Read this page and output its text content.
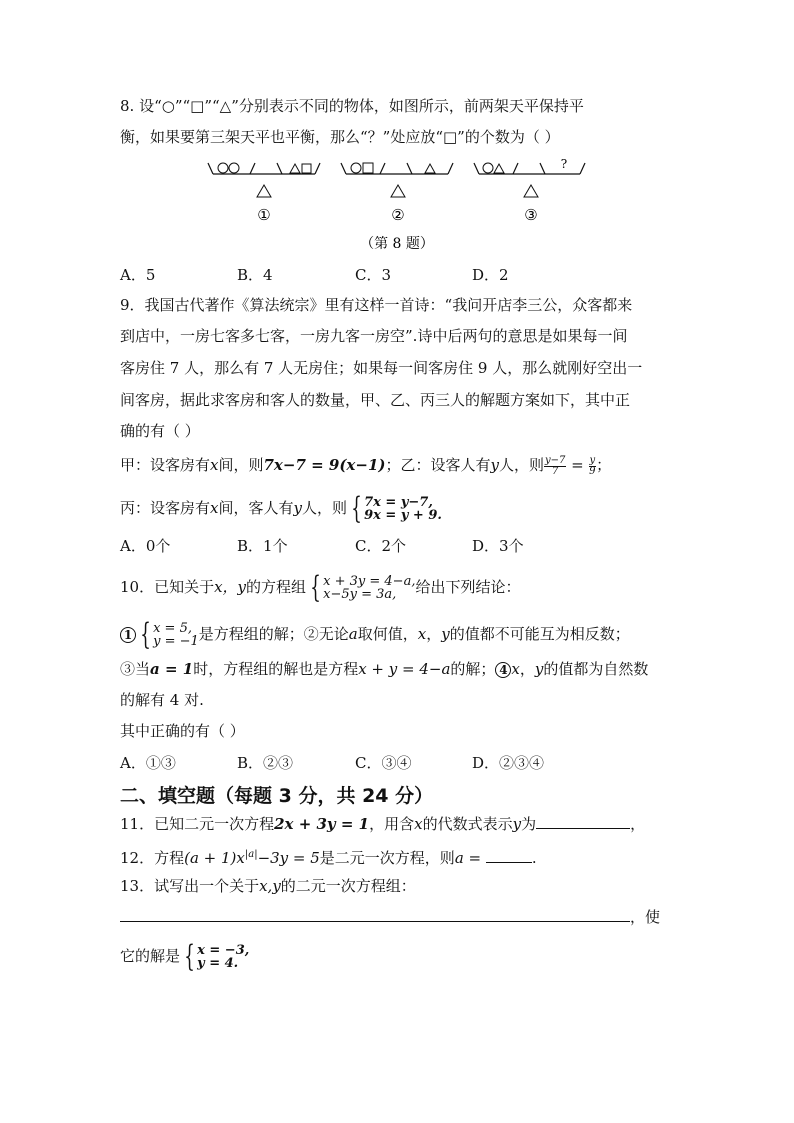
8. 设“○”“□”“△”分别表示不同的物体，如图所示，前两架天平保持平
衡，如果要第三架天平也平衡，那么“？”处应放“□”的个数为（ ）
?
①	②	③
（第 8 题）
A．5	B．4	C．3	D．2
9．我国古代著作《算法统宗》里有这样一首诗：“我问开店李三公，众客都来
到店中，一房七客多七客，一房九客一房空”.诗中后两句的意思是如果每一间
客房住 7 人，那么有 7 人无房住；如果每一间客房住 9 人，那么就刚好空出一
间客房，据此求客房和客人的数量，甲、乙、丙三人的解题方案如下，其中正
确的有（ ）
甲：设客房有x间，则7x−7 = 9(x−1)；乙：设客人有y人，则 $\frac{y-7}{7} = \frac{y}{9}$ ；
丙：设客房有x间，客人有y人，则 { 7x = y−7,
9x = y + 9.
A．0个	B．1个	C．2个	D．3个
10．已知关于x，y的方程组 { x + 3y = 4−a,
x−5y = 3a,	给出下列结论：
1 { x = 5,
y = −1 是方程组的解；②无论a取何值，x，y的值都不可能互为相反数；
③当a = 1时，方程组的解也是方程x + y = 4−a的解； 4 x，y的值都为自然数
的解有 4 对.
其中正确的有（ ）
A．①③	B．②③	C．③④	D．②③④
二、填空题（每题 3 分，共 24 分）
11．已知二元一次方程2x + 3y = 1，用含x的代数式表示y为	，
12．方程$(a + 1)x^{|a|}-3y = 5$是二元一次方程，则a =	.
13．试写出一个关于x,y的二元一次方程组：
，使
它的解是 { x = −3,
y = 4.
